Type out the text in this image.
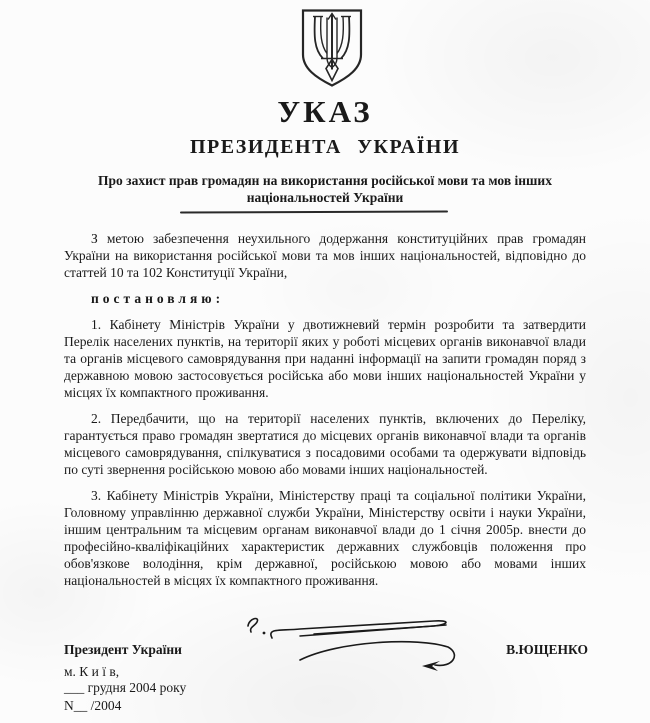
УКАЗ
ПРЕЗИДЕНТА УКРАЇНИ

Про захист прав громадян на використання російської мови та мов інших національностей України

З метою забезпечення неухильного додержання конституційних прав громадян України на використання російської мови та мов інших національностей, відповідно до статтей 10 та 102 Конституції України,

постановляю:

1. Кабінету Міністрів України у двотижневий термін розробити та затвердити Перелік населених пунктів, на території яких у роботі місцевих органів виконавчої влади та органів місцевого самоврядування при наданні інформації на запити громадян поряд з державною мовою застосовується російська або мови інших національностей України у місцях їх компактного проживання.

2. Передбачити, що на території населених пунктів, включених до Переліку, гарантується право громадян звертатися до місцевих органів виконавчої влади та органів місцевого самоврядування, спілкуватися з посадовими особами та одержувати відповідь по суті звернення російською мовою або мовами інших національностей.

3. Кабінету Міністрів України, Міністерству праці та соціальної політики України, Головному управлінню державної служби України, Міністерству освіти і науки України, іншим центральним та місцевим органам виконавчої влади до 1 січня 2005р. внести до професійно-кваліфікаційних характеристик державних службовців положення про обов'язкове володіння, крім державної, російською мовою або мовами інших національностей в місцях їх компактного проживання.

Президент України	В.ЮЩЕНКО
м. К и ї в,
___ грудня 2004 року
N__ /2004
